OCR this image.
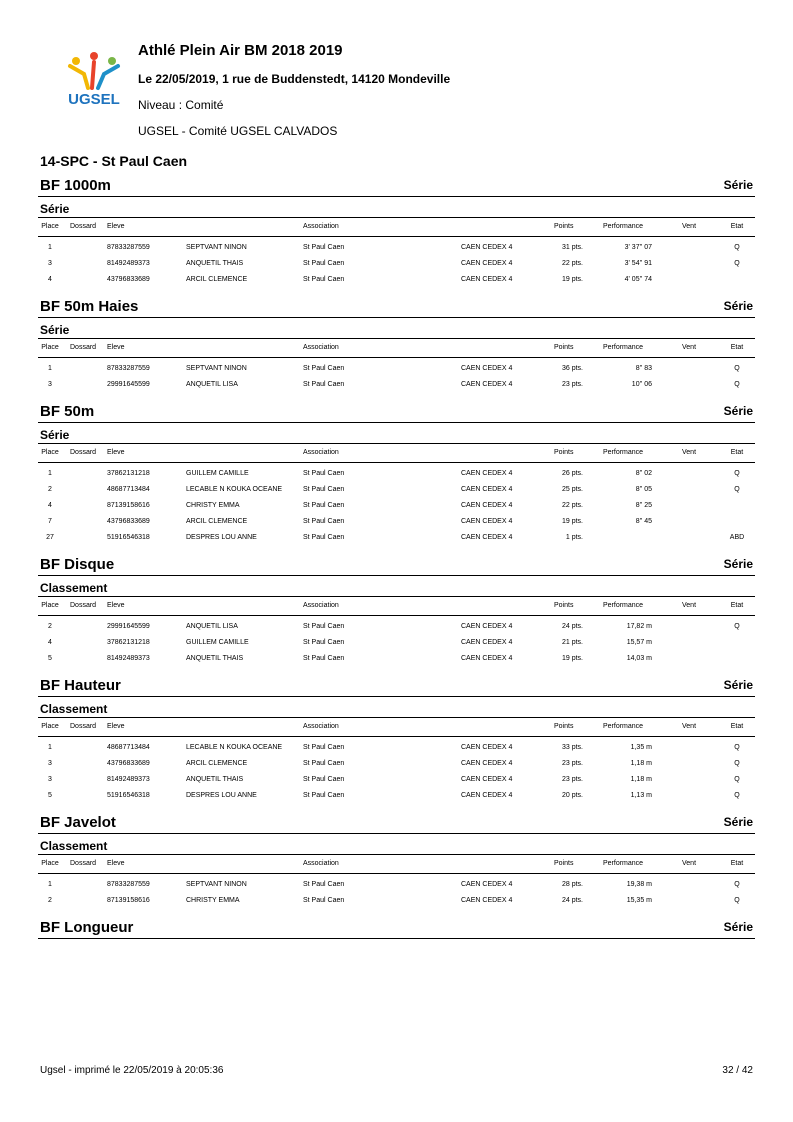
UGSEL
Athlé Plein Air BM 2018 2019
Le 22/05/2019, 1 rue de Buddenstedt, 14120 Mondeville
Niveau : Comité
UGSEL - Comité UGSEL CALVADOS
14-SPC - St Paul Caen
BF 1000m	Série
Série
Place	Dossard Eleve	Association	Points	Performance	Vent	Etat
1	87833287559	SEPTVANT NINON	St Paul Caen	CAEN CEDEX 4	31 pts.	3' 37'' 07	Q
3	81492489373	ANQUETIL THAIS	St Paul Caen	CAEN CEDEX 4	22 pts.	3' 54'' 91	Q
4	43796833689	ARCIL CLEMENCE	St Paul Caen	CAEN CEDEX 4	19 pts.	4' 05'' 74
BF 50m Haies	Série
Série
Place	Dossard Eleve	Association	Points	Performance	Vent	Etat
1	87833287559	SEPTVANT NINON	St Paul Caen	CAEN CEDEX 4	36 pts.	8'' 83	Q
3	29991645599	ANQUETIL LISA	St Paul Caen	CAEN CEDEX 4	23 pts.	10'' 06	Q
BF 50m	Série
Série
Place	Dossard Eleve	Association	Points	Performance	Vent	Etat
1	37862131218	GUILLEM CAMILLE	St Paul Caen	CAEN CEDEX 4	26 pts.	8'' 02	Q
2	48687713484	LECABLE N KOUKA OCEANE	St Paul Caen	CAEN CEDEX 4	25 pts.	8'' 05	Q
4	87139158616	CHRISTY EMMA	St Paul Caen	CAEN CEDEX 4	22 pts.	8'' 25
7	43796833689	ARCIL CLEMENCE	St Paul Caen	CAEN CEDEX 4	19 pts.	8'' 45
27	51916546318	DESPRES LOU ANNE	St Paul Caen	CAEN CEDEX 4	1 pts.	ABD
BF Disque	Série
Classement
Place	Dossard Eleve	Association	Points	Performance	Vent	Etat
2	29991645599	ANQUETIL LISA	St Paul Caen	CAEN CEDEX 4	24 pts.	17,82 m	Q
4	37862131218	GUILLEM CAMILLE	St Paul Caen	CAEN CEDEX 4	21 pts.	15,57 m
5	81492489373	ANQUETIL THAIS	St Paul Caen	CAEN CEDEX 4	19 pts.	14,03 m
BF Hauteur	Série
Classement
Place	Dossard Eleve	Association	Points	Performance	Vent	Etat
1	48687713484	LECABLE N KOUKA OCEANE	St Paul Caen	CAEN CEDEX 4	33 pts.	1,35 m	Q
3	43796833689	ARCIL CLEMENCE	St Paul Caen	CAEN CEDEX 4	23 pts.	1,18 m	Q
3	81492489373	ANQUETIL THAIS	St Paul Caen	CAEN CEDEX 4	23 pts.	1,18 m	Q
5	51916546318	DESPRES LOU ANNE	St Paul Caen	CAEN CEDEX 4	20 pts.	1,13 m	Q
BF Javelot	Série
Classement
Place	Dossard Eleve	Association	Points	Performance	Vent	Etat
1	87833287559	SEPTVANT NINON	St Paul Caen	CAEN CEDEX 4	28 pts.	19,38 m	Q
2	87139158616	CHRISTY EMMA	St Paul Caen	CAEN CEDEX 4	24 pts.	15,35 m	Q
BF Longueur	Série
Ugsel - imprimé le 22/05/2019 à 20:05:36	32 / 42
